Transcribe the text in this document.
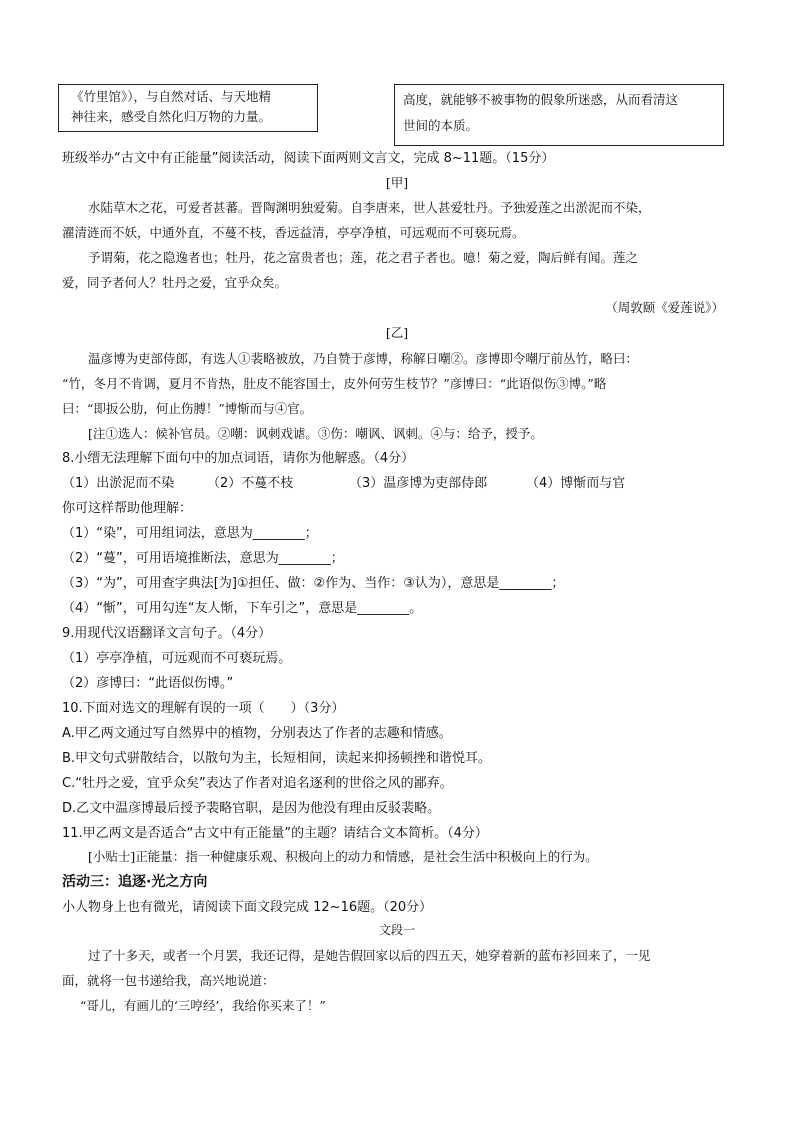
《竹里馆》），与自然对话、与天地精
神往来，感受自然化归万物的力量。
高度，就能够不被事物的假象所迷惑，从而看清这
世间的本质。
班级举办“古文中有正能量”阅读活动，阅读下面两则文言文，完成 8~11题。（15分）
[甲]
水陆草木之花，可爱者甚蕃。晋陶渊明独爱菊。自李唐来，世人甚爱牡丹。予独爱莲之出淤泥而不染，
濯清涟而不妖，中通外直，不蔓不枝，香远益清，亭亭净植，可远观而不可亵玩焉。
予谓菊，花之隐逸者也；牡丹，花之富贵者也；莲，花之君子者也。噫！菊之爱，陶后鲜有闻。莲之
爱，同予者何人？牡丹之爱，宜乎众矣。
（周敦颐《爱莲说》）
[乙]
温彦博为吏部侍郎，有选人①裴略被放，乃自赞于彦博，称解日嘲②。彦博即令嘲厅前丛竹，略曰：
“竹，冬月不肯调，夏月不肯热，肚皮不能容国士，皮外何劳生枝节？”彦博曰：“此语似伤③博。”略
曰：“即扳公肋，何止伤膊！”博惭而与④官。
[注①选人：候补官员。②嘲：讽刺戏谑。③伤：嘲讽、讽刺。④与：给予，授予。
8.小缙无法理解下面句中的加点词语，请你为他解惑。（4分）
（1）出淤泥而不染	（2）不蔓不枝	（3）温彦博为吏部侍郎	（4）博惭而与官
你可这样帮助他理解：
（1）“染”，可用组词法，意思为________；
（2）“蔓”，可用语境推断法，意思为________；
（3）“为”，可用查字典法[为]①担任、做：②作为、当作：③认为），意思是________；
（4）“惭”，可用勾连“友人惭，下车引之”，意思是________。
9.用现代汉语翻译文言句子。（4分）
（1）亭亭净植，可远观而不可亵玩焉。
（2）彦博曰：“此语似伤博。”
10.下面对选文的理解有误的一项（　　）（3分）
A.甲乙两文通过写自然界中的植物，分别表达了作者的志趣和情感。
B.甲文句式骈散结合，以散句为主，长短相间，读起来抑扬顿挫和谐悦耳。
C.“牡丹之爱，宜乎众矣”表达了作者对追名逐利的世俗之风的鄙弃。
D.乙文中温彦博最后授予裴略官职，是因为他没有理由反驳裴略。
11.甲乙两文是否适合“古文中有正能量”的主题？请结合文本简析。（4分）
[小贴士]正能量：指一种健康乐观、积极向上的动力和情感，是社会生活中积极向上的行为。
活动三：追逐·光之方向
小人物身上也有微光，请阅读下面文段完成 12~16题。（20分）
文段一
过了十多天，或者一个月罢，我还记得，是她告假回家以后的四五天，她穿着新的蓝布衫回来了，一见
面，就将一包书递给我，高兴地说道：
“哥儿，有画儿的‘三哼经’，我给你买来了！”
